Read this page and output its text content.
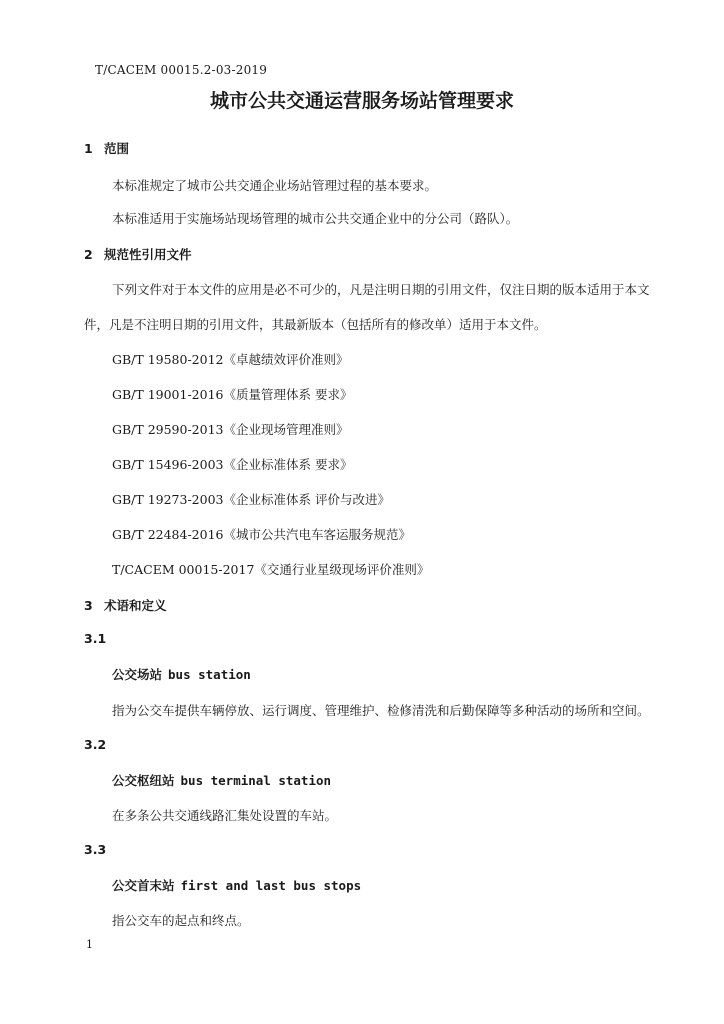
T/CACEM 00015.2-03-2019
城市公共交通运营服务场站管理要求
1 范围
本标准规定了城市公共交通企业场站管理过程的基本要求。
本标准适用于实施场站现场管理的城市公共交通企业中的分公司（路队）。
2 规范性引用文件
下列文件对于本文件的应用是必不可少的，凡是注明日期的引用文件，仅注日期的版本适用于本文
件，凡是不注明日期的引用文件，其最新版本（包括所有的修改单）适用于本文件。
GB/T 19580-2012《卓越绩效评价准则》
GB/T 19001-2016《质量管理体系 要求》
GB/T 29590-2013《企业现场管理准则》
GB/T 15496-2003《企业标准体系 要求》
GB/T 19273-2003《企业标准体系 评价与改进》
GB/T 22484-2016《城市公共汽电车客运服务规范》
T/CACEM 00015-2017《交通行业星级现场评价准则》
3 术语和定义
3.1
公交场站 bus station
指为公交车提供车辆停放、运行调度、管理维护、检修清洗和后勤保障等多种活动的场所和空间。
3.2
公交枢纽站 bus terminal station
在多条公共交通线路汇集处设置的车站。
3.3
公交首末站 first and last bus stops
指公交车的起点和终点。
1
